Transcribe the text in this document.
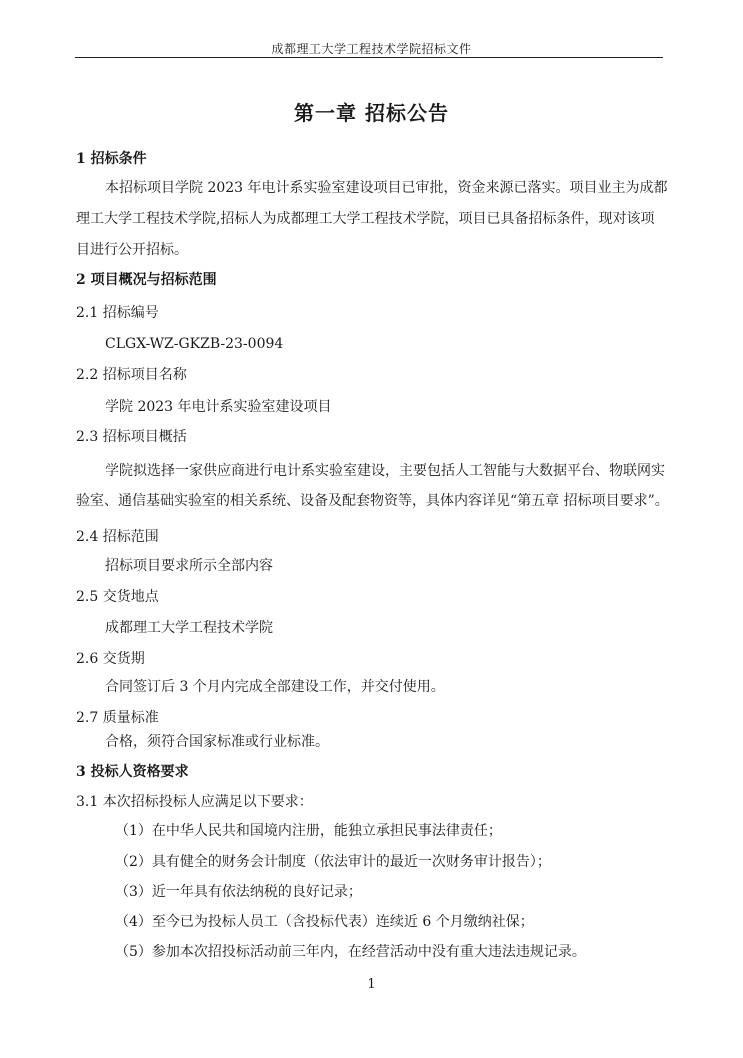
成都理工大学工程技术学院招标文件
第一章 招标公告
1 招标条件
本招标项目学院 2023 年电计系实验室建设项目已审批，资金来源已落实。项目业主为成都
理工大学工程技术学院,招标人为成都理工大学工程技术学院，项目已具备招标条件，现对该项
目进行公开招标。
2 项目概况与招标范围
2.1 招标编号
CLGX-WZ-GKZB-23-0094
2.2 招标项目名称
学院 2023 年电计系实验室建设项目
2.3 招标项目概括
学院拟选择一家供应商进行电计系实验室建设，主要包括人工智能与大数据平台、物联网实
验室、通信基础实验室的相关系统、设备及配套物资等，具体内容详见“第五章 招标项目要求”。
2.4 招标范围
招标项目要求所示全部内容
2.5 交货地点
成都理工大学工程技术学院
2.6 交货期
合同签订后 3 个月内完成全部建设工作，并交付使用。
2.7 质量标准
合格，须符合国家标准或行业标准。
3 投标人资格要求
3.1 本次招标投标人应满足以下要求：
（1）在中华人民共和国境内注册，能独立承担民事法律责任；
（2）具有健全的财务会计制度（依法审计的最近一次财务审计报告）；
（3）近一年具有依法纳税的良好记录；
（4）至今已为投标人员工（含投标代表）连续近 6 个月缴纳社保；
（5）参加本次招投标活动前三年内，在经营活动中没有重大违法违规记录。
1
